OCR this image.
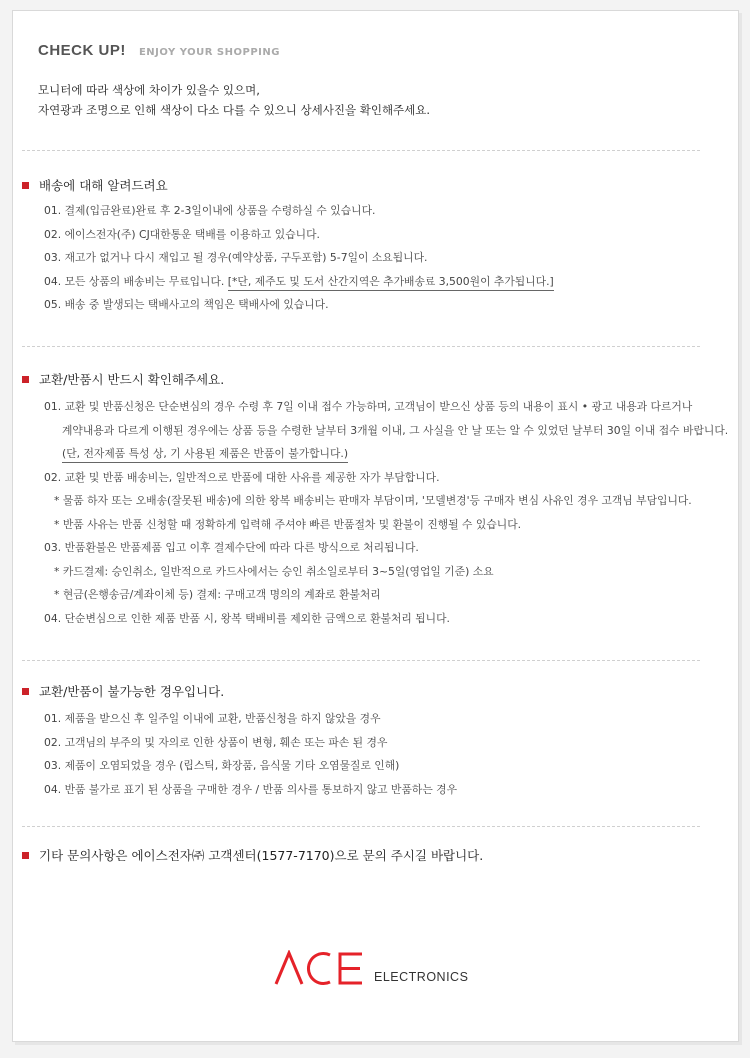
CHECK UP! ENJOY YOUR SHOPPING
모니터에 따라 색상에 차이가 있을수 있으며,
자연광과 조명으로 인해 색상이 다소 다를 수 있으니 상세사진을 확인해주세요.
배송에 대해 알려드려요
01. 결제(입금완료)완료 후 2-3일이내에 상품을 수령하실 수 있습니다.
02. 에이스전자(주) CJ대한통운 택배를 이용하고 있습니다.
03. 재고가 없거나 다시 재입고 될 경우(예약상품, 구두포함) 5-7일이 소요됩니다.
04. 모든 상품의 배송비는 무료입니다. [*단, 제주도 및 도서 산간지역은 추가배송료 3,500원이 추가됩니다.]
05. 배송 중 발생되는 택배사고의 책임은 택배사에 있습니다.
교환/반품시 반드시 확인해주세요.
01. 교환 및 반품신청은 단순변심의 경우 수령 후 7일 이내 접수 가능하며, 고객님이 받으신 상품 등의 내용이 표시 • 광고 내용과 다르거나
계약내용과 다르게 이행된 경우에는 상품 등을 수령한 날부터 3개월 이내, 그 사실을 안 날 또는 알 수 있었던 날부터 30일 이내 접수 바랍니다.
(단, 전자제품 특성 상, 기 사용된 제품은 반품이 불가합니다.)
02. 교환 및 반품 배송비는, 일반적으로 반품에 대한 사유를 제공한 자가 부담합니다.
* 물품 하자 또는 오배송(잘못된 배송)에 의한 왕복 배송비는 판매자 부담이며, '모델변경'등 구매자 변심 사유인 경우 고객님 부담입니다.
* 반품 사유는 반품 신청할 때 정확하게 입력해 주셔야 빠른 반품절차 및 환불이 진행될 수 있습니다.
03. 반품환불은 반품제품 입고 이후 결제수단에 따라 다른 방식으로 처리됩니다.
* 카드결제: 승인취소, 일반적으로 카드사에서는 승인 취소일로부터 3~5일(영업일 기준) 소요
* 현금(은행송금/계좌이체 등) 결제: 구매고객 명의의 계좌로 환불처리
04. 단순변심으로 인한 제품 반품 시, 왕복 택배비를 제외한 금액으로 환불처리 됩니다.
교환/반품이 불가능한 경우입니다.
01. 제품을 받으신 후 일주일 이내에 교환, 반품신청을 하지 않았을 경우
02. 고객님의 부주의 및 자의로 인한 상품이 변형, 훼손 또는 파손 된 경우
03. 제품이 오염되었을 경우 (립스틱, 화장품, 음식물 기타 오염물질로 인해)
04. 반품 불가로 표기 된 상품을 구매한 경우 / 반품 의사를 통보하지 않고 반품하는 경우
기타 문의사항은 에이스전자㈜ 고객센터(1577-7170)으로 문의 주시길 바랍니다.
ELECTRONICS
